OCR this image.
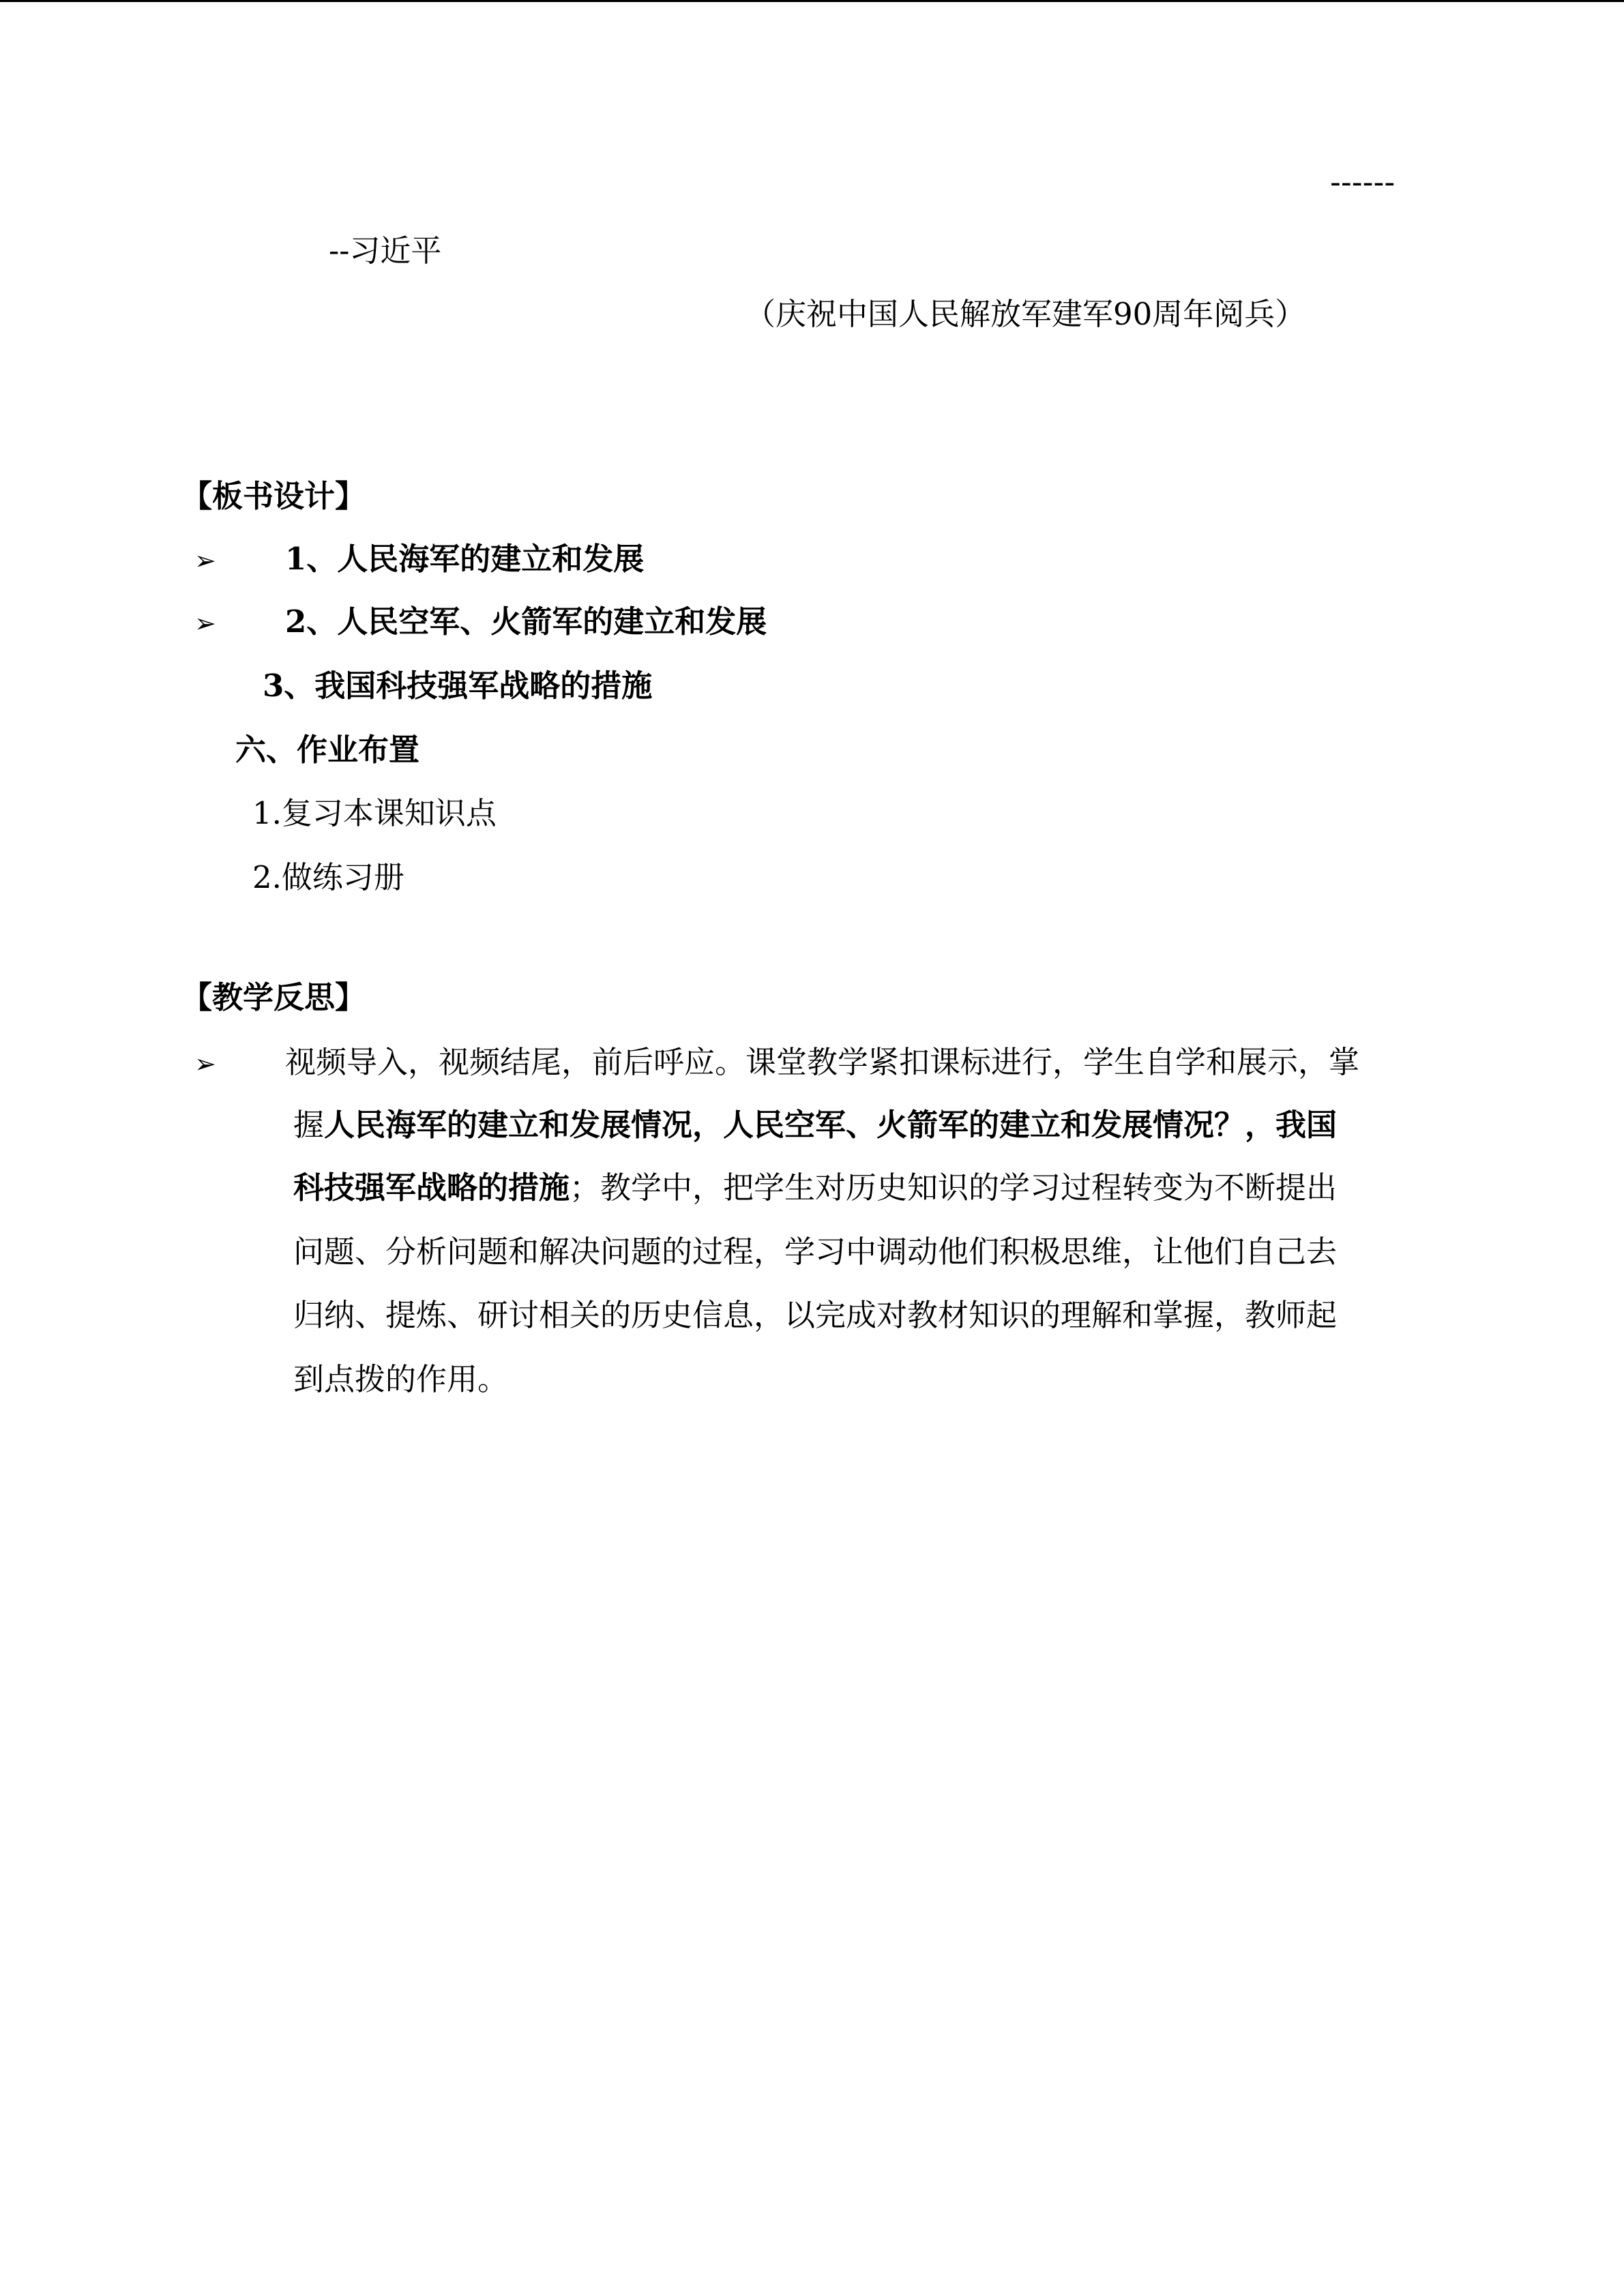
------
--习近平
（庆祝中国人民解放军建军90周年阅兵）
【板书设计】
➢ 1、人民海军的建立和发展
➢ 2、人民空军、火箭军的建立和发展
3、我国科技强军战略的措施
六、作业布置
1.复习本课知识点
2.做练习册
【教学反思】
➢ 视频导入，视频结尾，前后呼应。课堂教学紧扣课标进行，学生自学和展示，掌
握人民海军的建立和发展情况，人民空军、火箭军的建立和发展情况？，我国
科技强军战略的措施；教学中，把学生对历史知识的学习过程转变为不断提出
问题、分析问题和解决问题的过程，学习中调动他们积极思维，让他们自己去
归纳、提炼、研讨相关的历史信息，以完成对教材知识的理解和掌握，教师起
到点拨的作用。
